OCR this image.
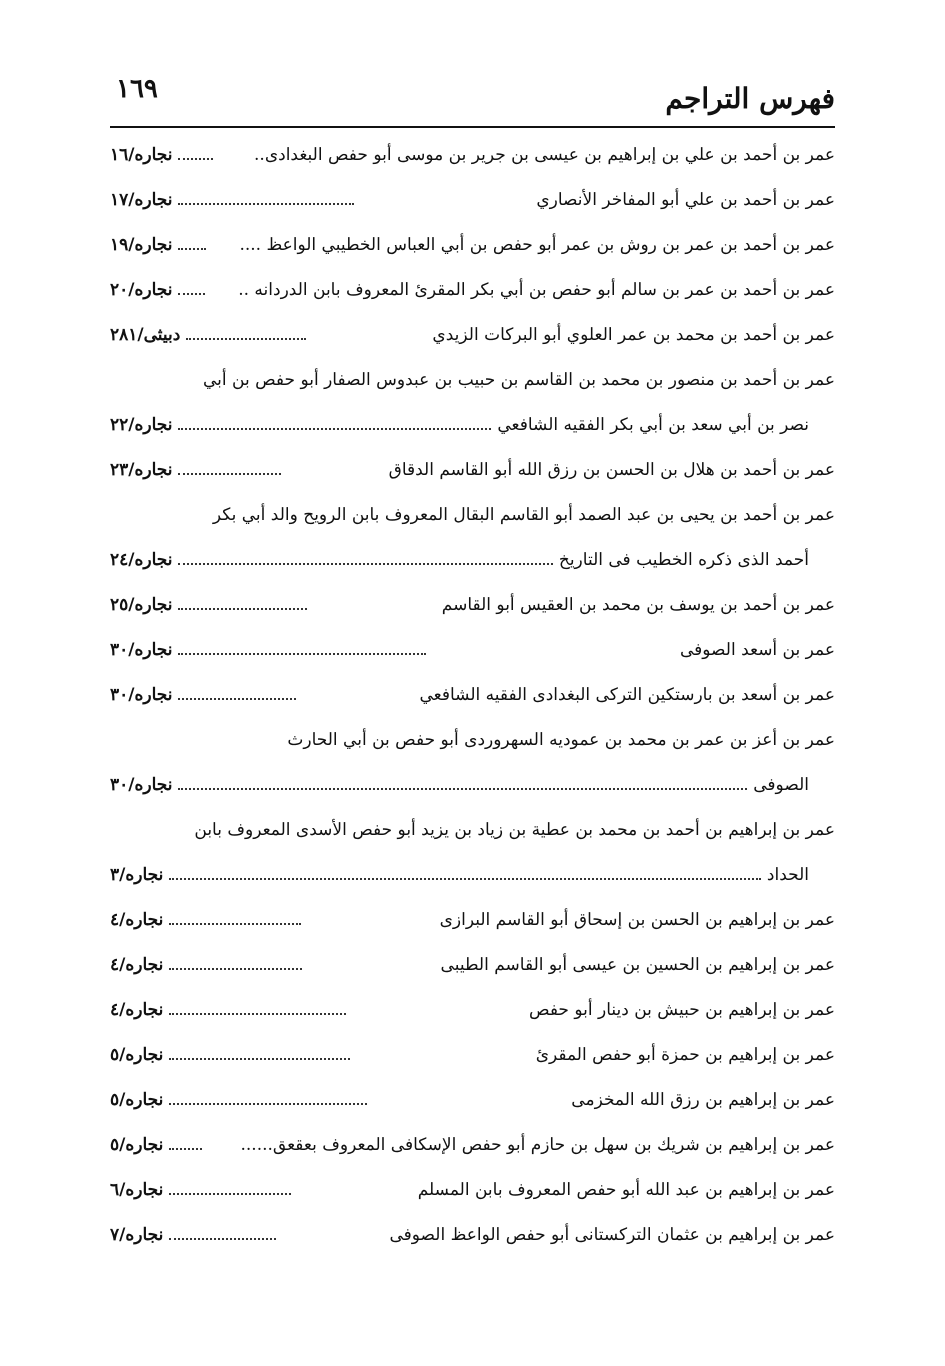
١٦٩	فهرس التراجم
عمر بن أحمد بن علي بن إبراهيم بن عيسى بن جرير بن موسى أبو حفص البغدادى..
نجاره/١٦
عمر بن أحمد بن علي أبو المفاخر الأنصاري
نجاره/١٧
عمر بن أحمد بن عمر بن روش بن عمر أبو حفص بن أبي العباس الخطيبي الواعظ ....
نجاره/١٩
عمر بن أحمد بن عمر بن سالم أبو حفص بن أبي بكر المقرئ المعروف بابن الدردانه ..
نجاره/٢٠
عمر بن أحمد بن محمد بن عمر العلوي أبو البركات الزيدي
دبيثى/٢٨١
عمر بن أحمد بن منصور بن محمد بن القاسم بن حبيب بن عبدوس الصفار أبو حفص بن أبي
نصر بن أبي سعد بن أبي بكر الفقيه الشافعي
نجاره/٢٢
عمر بن أحمد بن هلال بن الحسن بن رزق الله أبو القاسم الدقاق
نجاره/٢٣
عمر بن أحمد بن يحيى بن عبد الصمد أبو القاسم البقال المعروف بابن الرويح والد أبي بكر
أحمد الذى ذكره الخطيب فى التاريخ
نجاره/٢٤
عمر بن أحمد بن يوسف بن محمد بن العقيس أبو القاسم
نجاره/٢٥
عمر بن أسعد الصوفى
نجاره/٣٠
عمر بن أسعد بن بارستكين التركى البغدادى الفقيه الشافعي
نجاره/٣٠
عمر بن أعز بن عمر بن محمد بن عموديه السهروردى أبو حفص بن أبي الحارث
الصوفى
نجاره/٣٠
عمر بن إبراهيم بن أحمد بن محمد بن عطية بن زياد بن يزيد أبو حفص الأسدى المعروف بابن
الحداد
نجاره/٣
عمر بن إبراهيم بن الحسن بن إسحاق أبو القاسم البرازى
نجاره/٤
عمر بن إبراهيم بن الحسين بن عيسى أبو القاسم الطيبى
نجاره/٤
عمر بن إبراهيم بن حبيش بن دينار أبو حفص
نجاره/٤
عمر بن إبراهيم بن حمزة أبو حفص المقرئ
نجاره/٥
عمر بن إبراهيم بن رزق الله المخزمى
نجاره/٥
عمر بن إبراهيم بن شريك بن سهل بن حازم أبو حفص الإسكافى المعروف بعقعق......
نجاره/٥
عمر بن إبراهيم بن عبد الله أبو حفص المعروف بابن المسلم
نجاره/٦
عمر بن إبراهيم بن عثمان التركستانى أبو حفص الواعظ الصوفى
نجاره/٧
